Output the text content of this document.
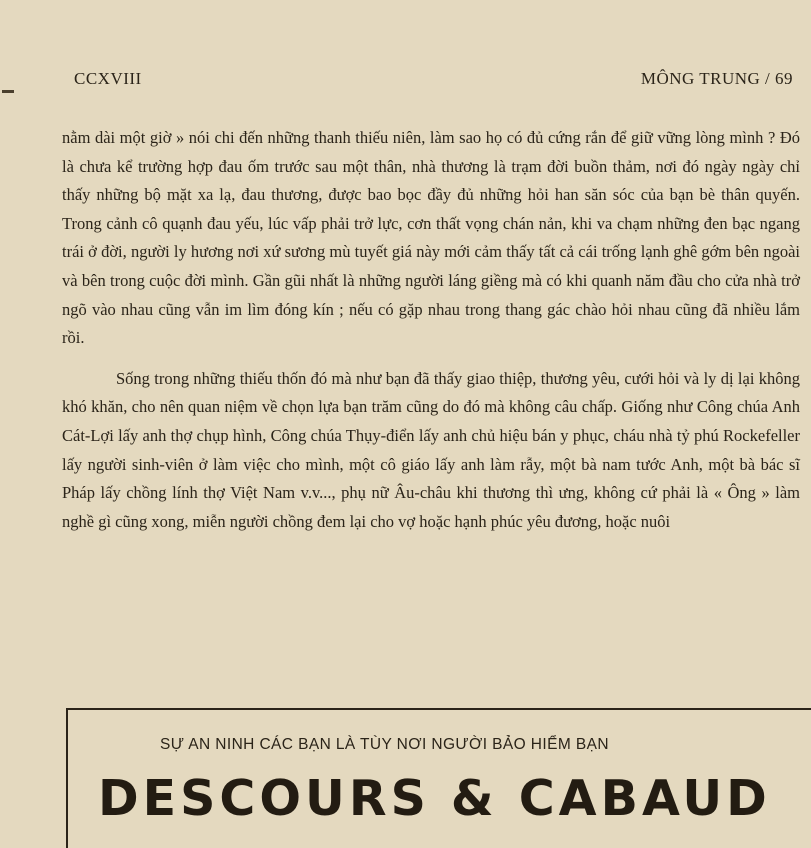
CCXVIII	MÔNG TRUNG / 69

nằm dài một giờ » nói chi đến những thanh thiếu niên, làm sao họ có đủ cứng rắn để giữ vững lòng mình ? Đó là chưa kể trường hợp đau ốm trước sau một thân, nhà thương là trạm đời buồn thảm, nơi đó ngày ngày chỉ thấy những bộ mặt xa lạ, đau thương, được bao bọc đầy đủ những hỏi han săn sóc của bạn bè thân quyến. Trong cảnh cô quạnh đau yếu, lúc vấp phải trở lực, cơn thất vọng chán nản, khi va chạm những đen bạc ngang trái ở đời, người ly hương nơi xứ sương mù tuyết giá này mới cảm thấy tất cả cái trống lạnh ghê gớm bên ngoài và bên trong cuộc đời mình. Gần gũi nhất là những người láng giềng mà có khi quanh năm đầu cho cửa nhà trở ngõ vào nhau cũng vẫn im lìm đóng kín ; nếu có gặp nhau trong thang gác chào hỏi nhau cũng đã nhiều lắm rồi.

Sống trong những thiếu thốn đó mà như bạn đã thấy giao thiệp, thương yêu, cưới hỏi và ly dị lại không khó khăn, cho nên quan niệm về chọn lựa bạn trăm cũng do đó mà không câu chấp. Giống như Công chúa Anh Cát-Lợi lấy anh thợ chụp hình, Công chúa Thụy-điển lấy anh chủ hiệu bán y phục, cháu nhà tỷ phú Rockefeller lấy người sinh-viên ở làm việc cho mình, một cô giáo lấy anh làm rẫy, một bà nam tước Anh, một bà bác sĩ Pháp lấy chồng lính thợ Việt Nam v.v..., phụ nữ Âu-châu khi thương thì ưng, không cứ phải là « Ông » làm nghề gì cũng xong, miễn người chồng đem lại cho vợ hoặc hạnh phúc yêu đương, hoặc nuôi

SỰ AN NINH CÁC BẠN LÀ TÙY NƠI NGƯỜI BẢO HIỂM BẠN
DESCOURS & CABAUD
